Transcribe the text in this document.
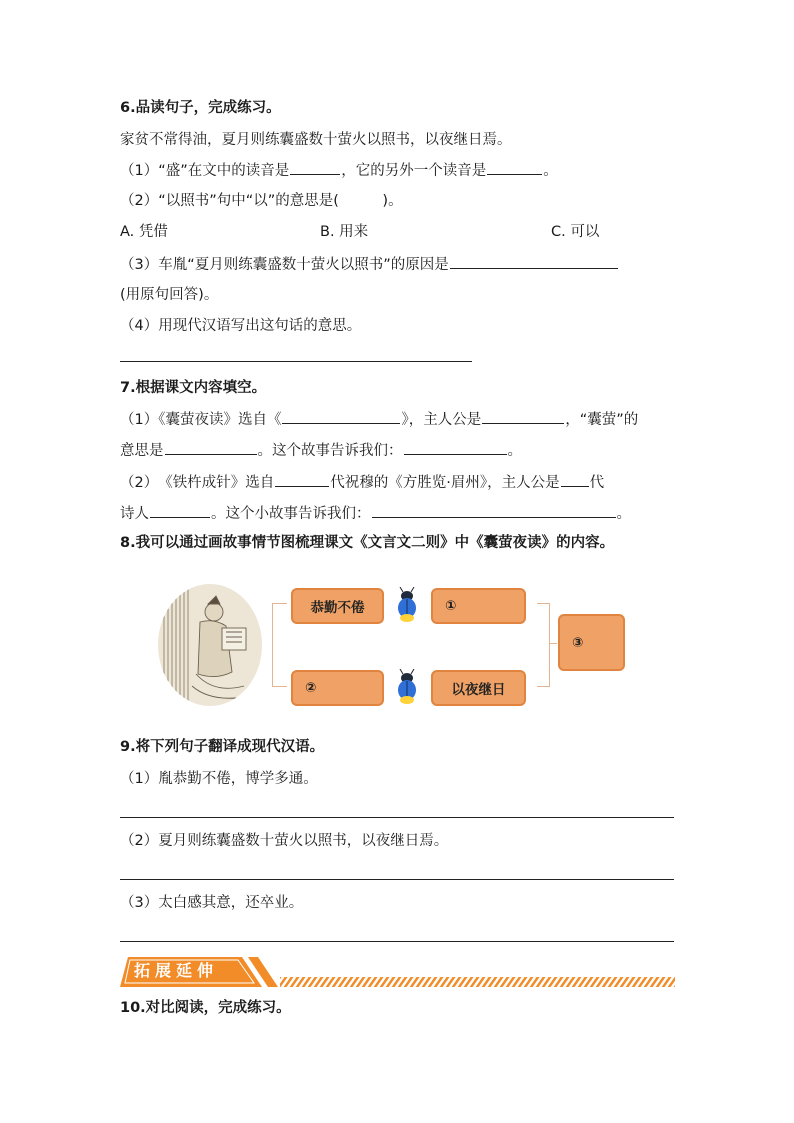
6.品读句子，完成练习。
家贫不常得油，夏月则练囊盛数十萤火以照书，以夜继日焉。
（1）“盛”在文中的读音是	，它的另外一个读音是	。
（2）“以照书”句中“以”的意思是(　　　)。
A. 凭借	B. 用来	C. 可以
（3）车胤“夏月则练囊盛数十萤火以照书”的原因是
(用原句回答)。
（4）用现代汉语写出这句话的意思。
7.根据课文内容填空。
（1）《囊萤夜读》选自《	》，主人公是	，“囊萤”的
意思是	。这个故事告诉我们：	。
（2）　《铁杵成针》选自	代祝穆的《方胜览·眉州》，主人公是 代
诗人	。这个小故事告诉我们：	。
8.我可以通过画故事情节图梳理课文《文言文二则》中《囊萤夜读》的内容。
恭勤不倦	①
②	以夜继日
③
9.将下列句子翻译成现代汉语。
（1）胤恭勤不倦，博学多通。
（2）夏月则练囊盛数十萤火以照书，以夜继日焉。
（3）太白感其意，还卒业。
拓展延伸
10.对比阅读，完成练习。
